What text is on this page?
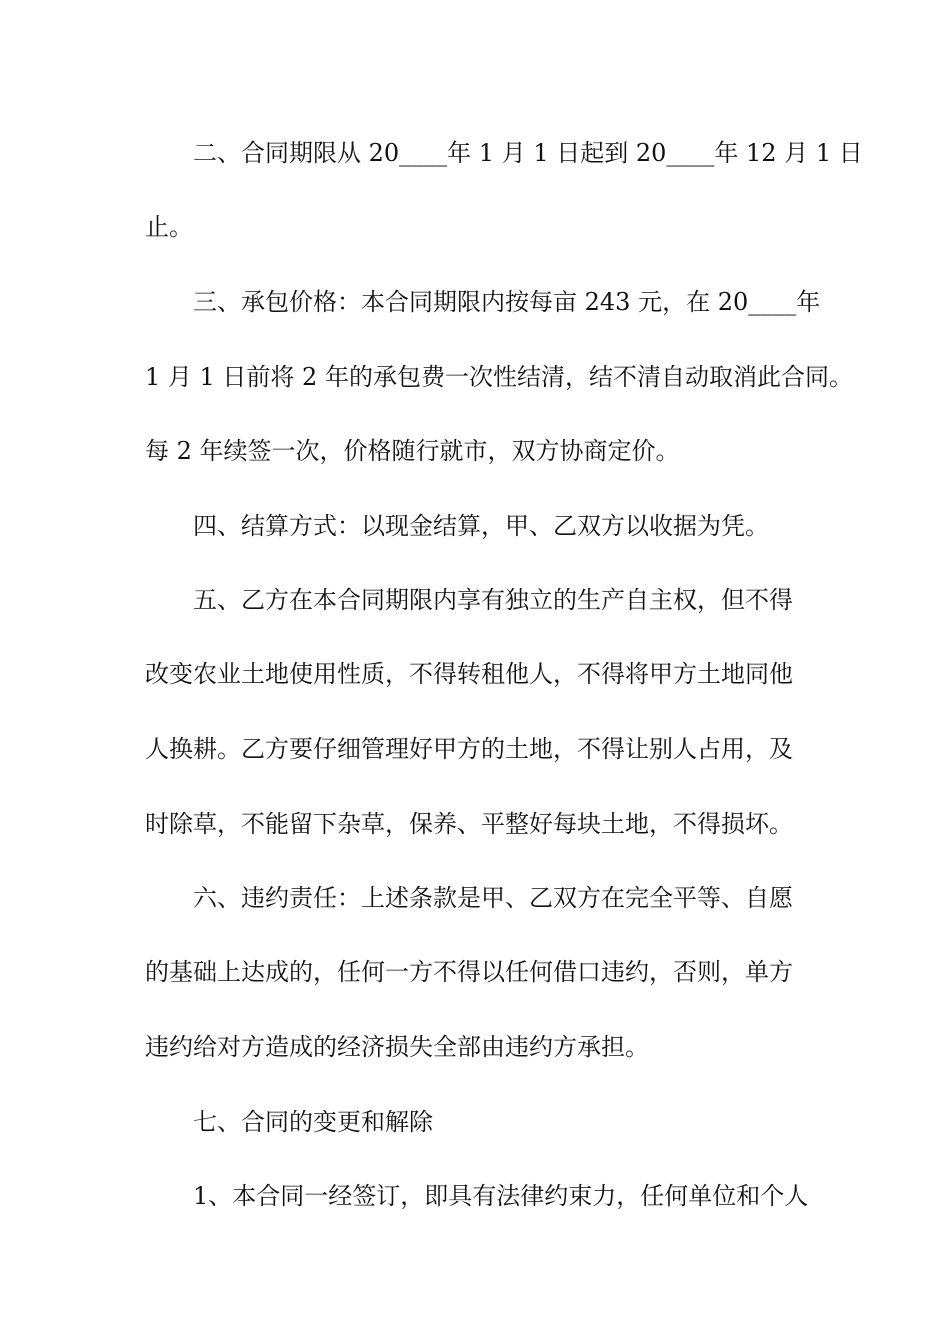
二、合同期限从 20____年 1 月 1 日起到 20____年 12 月 1 日
止。
三、承包价格：本合同期限内按每亩 243 元，在 20____年
1 月 1 日前将 2 年的承包费一次性结清，结不清自动取消此合同。
每 2 年续签一次，价格随行就市，双方协商定价。
四、结算方式：以现金结算，甲、乙双方以收据为凭。
五、乙方在本合同期限内享有独立的生产自主权，但不得
改变农业土地使用性质，不得转租他人，不得将甲方土地同他
人换耕。乙方要仔细管理好甲方的土地，不得让别人占用，及
时除草，不能留下杂草，保养、平整好每块土地，不得损坏。
六、违约责任：上述条款是甲、乙双方在完全平等、自愿
的基础上达成的，任何一方不得以任何借口违约，否则，单方
违约给对方造成的经济损失全部由违约方承担。
七、合同的变更和解除
1、本合同一经签订，即具有法律约束力，任何单位和个人
